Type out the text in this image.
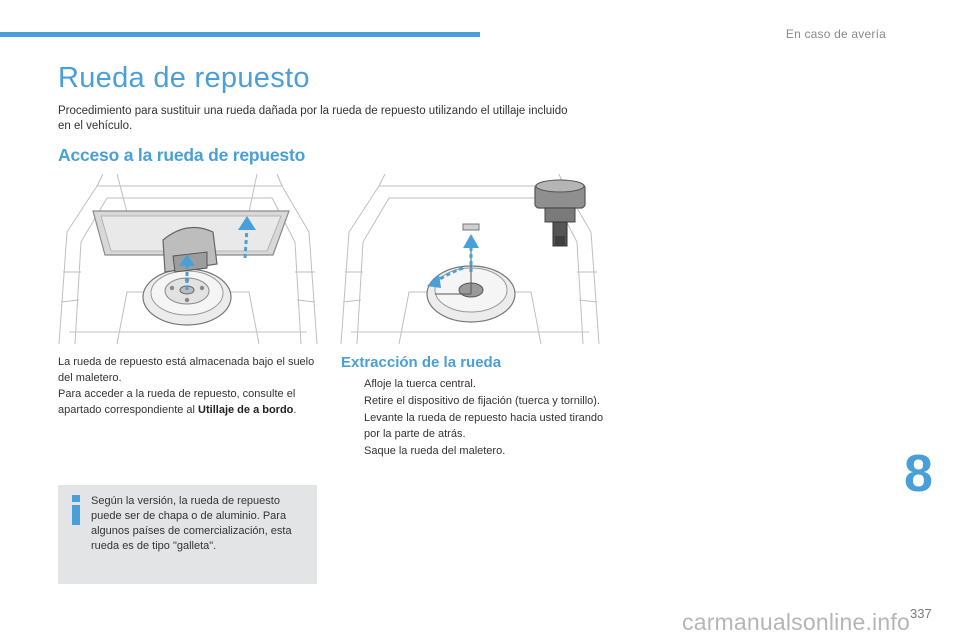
En caso de avería
Rueda de repuesto
Procedimiento para sustituir una rueda dañada por la rueda de repuesto utilizando el utillaje incluido en el vehículo.
Acceso a la rueda de repuesto

La rueda de repuesto está almacenada bajo el suelo del maletero.

Para acceder a la rueda de repuesto, consulte el apartado correspondiente al Utillaje de a bordo.

Extracción de la rueda
Afloje la tuerca central.
Retire el dispositivo de fijación (tuerca y tornillo).
Levante la rueda de repuesto hacia usted tirando por la parte de atrás.
Saque la rueda del maletero.
Según la versión, la rueda de repuesto puede ser de chapa o de aluminio. Para algunos países de comercialización, esta rueda es de tipo "galleta".
8
337
carmanualsonline.info
